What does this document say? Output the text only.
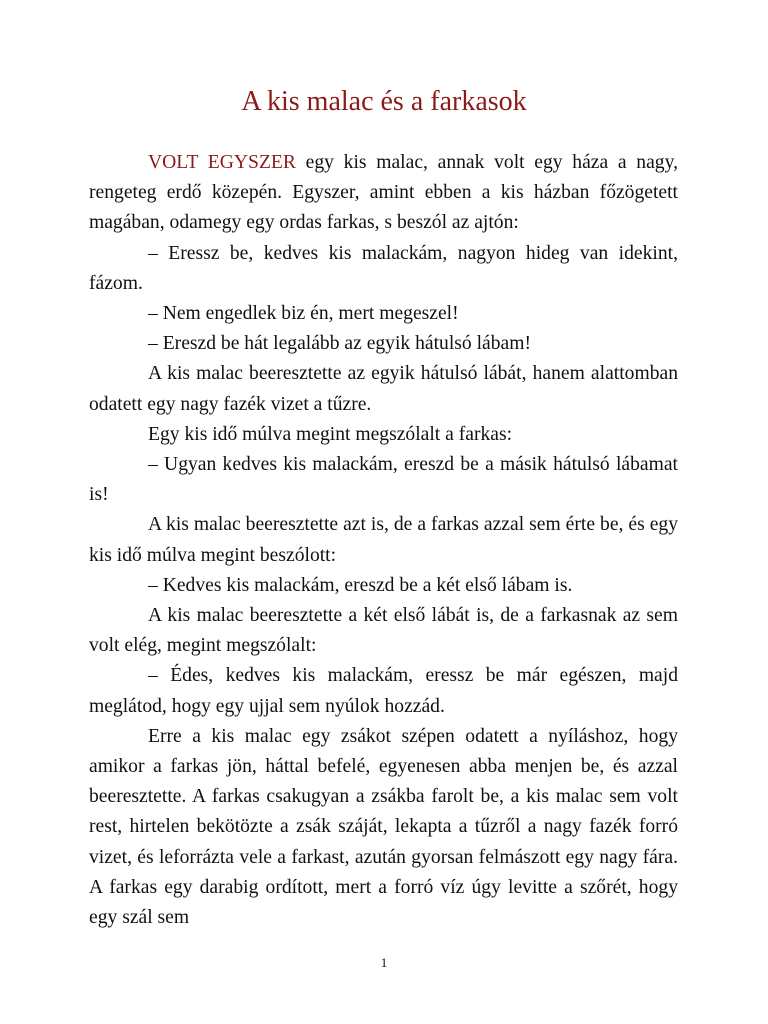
A kis malac és a farkasok

VOLT EGYSZER egy kis malac, annak volt egy háza a nagy, rengeteg erdő közepén. Egyszer, amint ebben a kis házban főzögetett magában, odamegy egy ordas farkas, s beszól az ajtón:

– Eressz be, kedves kis malackám, nagyon hideg van idekint, fázom.

– Nem engedlek biz én, mert megeszel!

– Ereszd be hát legalább az egyik hátulsó lábam!

A kis malac beeresztette az egyik hátulsó lábát, hanem alattomban odatett egy nagy fazék vizet a tűzre.

Egy kis idő múlva megint megszólalt a farkas:

– Ugyan kedves kis malackám, ereszd be a másik hátulsó lábamat is!

A kis malac beeresztette azt is, de a farkas azzal sem érte be, és egy kis idő múlva megint beszólott:

– Kedves kis malackám, ereszd be a két első lábam is.

A kis malac beeresztette a két első lábát is, de a farkasnak az sem volt elég, megint megszólalt:

– Édes, kedves kis malackám, eressz be már egészen, majd meglátod, hogy egy ujjal sem nyúlok hozzád.

Erre a kis malac egy zsákot szépen odatett a nyíláshoz, hogy amikor a farkas jön, háttal befelé, egyenesen abba menjen be, és azzal beeresztette. A farkas csakugyan a zsákba farolt be, a kis malac sem volt rest, hirtelen bekötözte a zsák száját, lekapta a tűzről a nagy fazék forró vizet, és leforrázta vele a farkast, azután gyorsan felmászott egy nagy fára. A farkas egy darabig ordított, mert a forró víz úgy levitte a szőrét, hogy egy szál sem

1
